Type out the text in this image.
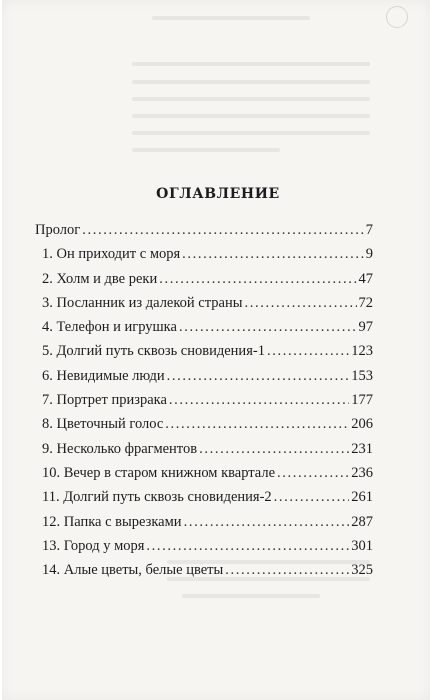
ОГЛАВЛЕНИЕ
Пролог . . .	7
1. Он приходит с моря . . .	9
2. Холм и две реки . . .	47
3. Посланник из далекой страны . . .	72
4. Телефон и игрушка . . .	97
5. Долгий путь сквозь сновидения-1 . . .	123
6. Невидимые люди . . .	153
7. Портрет призрака . . .	177
8. Цветочный голос . . .	206
9. Несколько фрагментов . . .	231
10. Вечер в старом книжном квартале . . .	236
11. Долгий путь сквозь сновидения-2 . . .	261
12. Папка с вырезками . . .	287
13. Город у моря . . .	301
14. Алые цветы, белые цветы . . .	325
